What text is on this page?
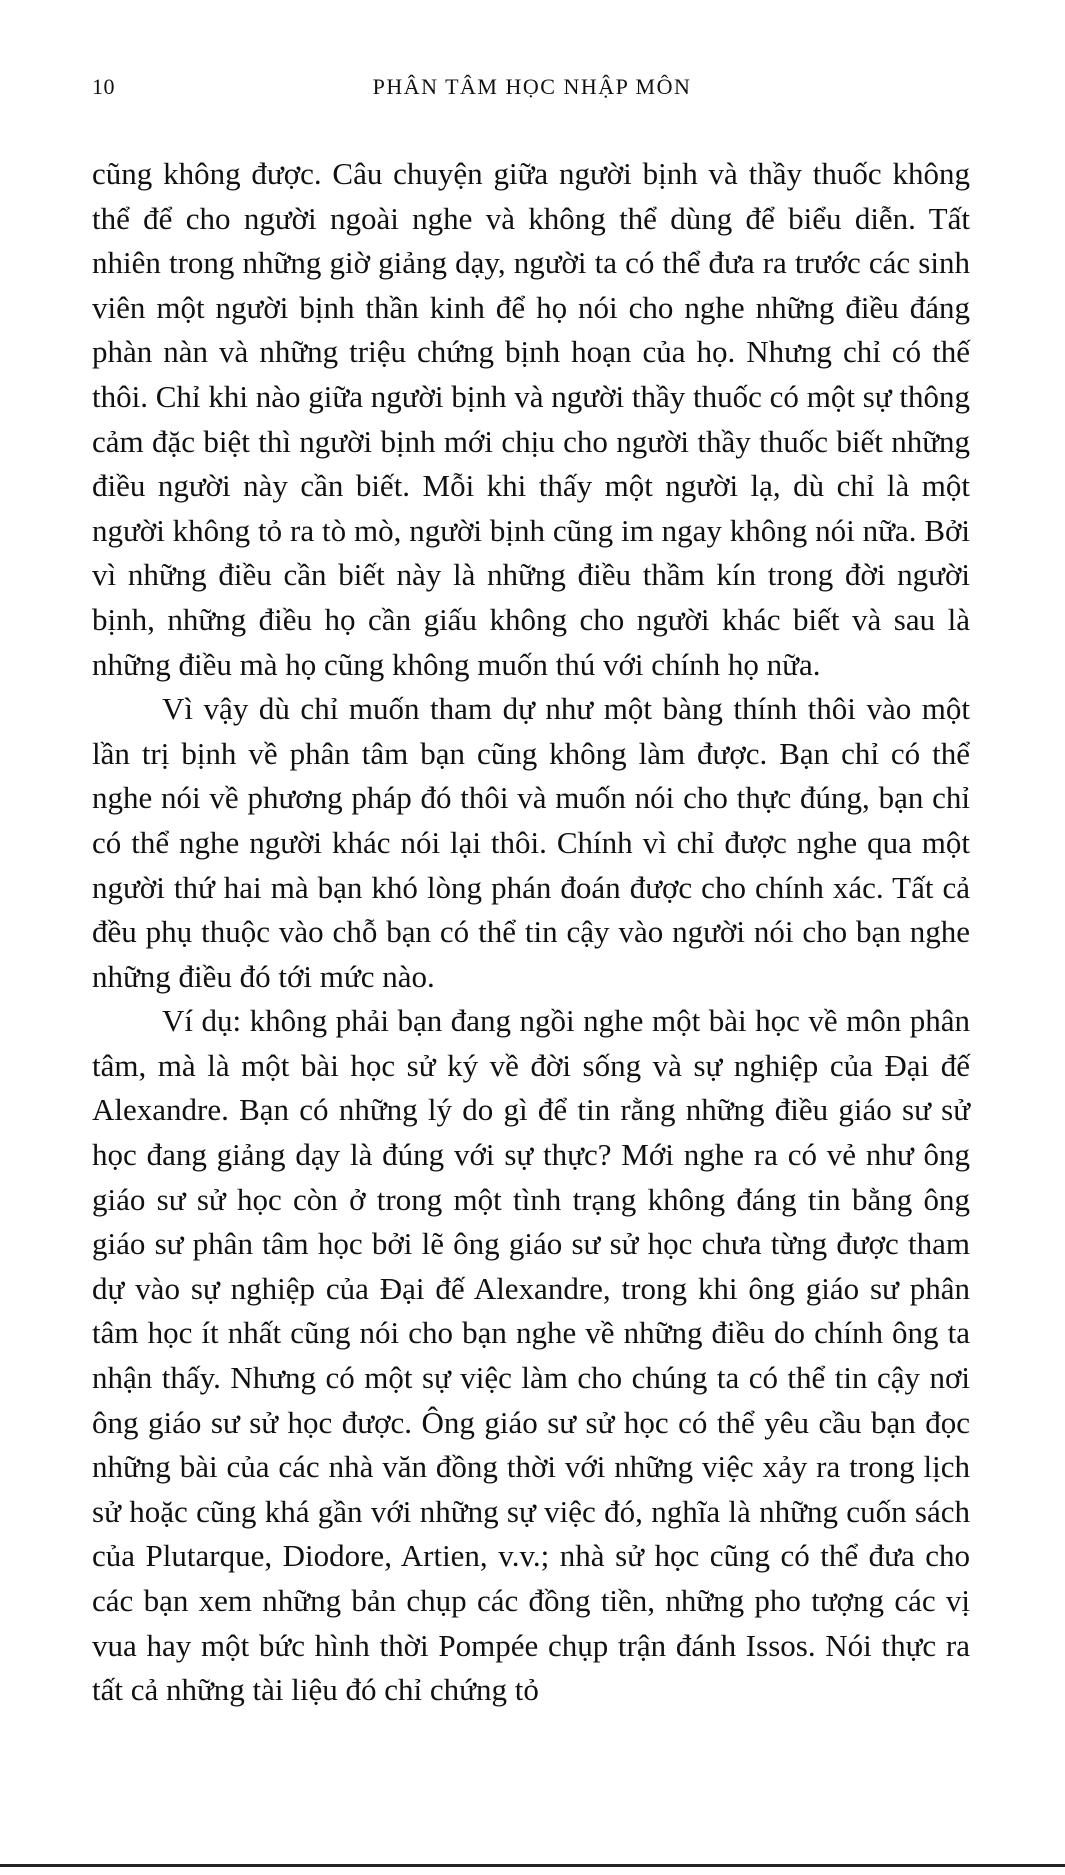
10	PHÂN TÂM HỌC NHẬP MÔN

cũng không được. Câu chuyện giữa người bịnh và thầy thuốc không thể để cho người ngoài nghe và không thể dùng để biểu diễn. Tất nhiên trong những giờ giảng dạy, người ta có thể đưa ra trước các sinh viên một người bịnh thần kinh để họ nói cho nghe những điều đáng phàn nàn và những triệu chứng bịnh hoạn của họ. Nhưng chỉ có thế thôi. Chỉ khi nào giữa người bịnh và người thầy thuốc có một sự thông cảm đặc biệt thì người bịnh mới chịu cho người thầy thuốc biết những điều người này cần biết. Mỗi khi thấy một người lạ, dù chỉ là một người không tỏ ra tò mò, người bịnh cũng im ngay không nói nữa. Bởi vì những điều cần biết này là những điều thầm kín trong đời người bịnh, những điều họ cần giấu không cho người khác biết và sau là những điều mà họ cũng không muốn thú với chính họ nữa.

Vì vậy dù chỉ muốn tham dự như một bàng thính thôi vào một lần trị bịnh về phân tâm bạn cũng không làm được. Bạn chỉ có thể nghe nói về phương pháp đó thôi và muốn nói cho thực đúng, bạn chỉ có thể nghe người khác nói lại thôi. Chính vì chỉ được nghe qua một người thứ hai mà bạn khó lòng phán đoán được cho chính xác. Tất cả đều phụ thuộc vào chỗ bạn có thể tin cậy vào người nói cho bạn nghe những điều đó tới mức nào.

Ví dụ: không phải bạn đang ngồi nghe một bài học về môn phân tâm, mà là một bài học sử ký về đời sống và sự nghiệp của Đại đế Alexandre. Bạn có những lý do gì để tin rằng những điều giáo sư sử học đang giảng dạy là đúng với sự thực? Mới nghe ra có vẻ như ông giáo sư sử học còn ở trong một tình trạng không đáng tin bằng ông giáo sư phân tâm học bởi lẽ ông giáo sư sử học chưa từng được tham dự vào sự nghiệp của Đại đế Alexandre, trong khi ông giáo sư phân tâm học ít nhất cũng nói cho bạn nghe về những điều do chính ông ta nhận thấy. Nhưng có một sự việc làm cho chúng ta có thể tin cậy nơi ông giáo sư sử học được. Ông giáo sư sử học có thể yêu cầu bạn đọc những bài của các nhà văn đồng thời với những việc xảy ra trong lịch sử hoặc cũng khá gần với những sự việc đó, nghĩa là những cuốn sách của Plutarque, Diodore, Artien, v.v.; nhà sử học cũng có thể đưa cho các bạn xem những bản chụp các đồng tiền, những pho tượng các vị vua hay một bức hình thời Pompée chụp trận đánh Issos. Nói thực ra tất cả những tài liệu đó chỉ chứng tỏ
